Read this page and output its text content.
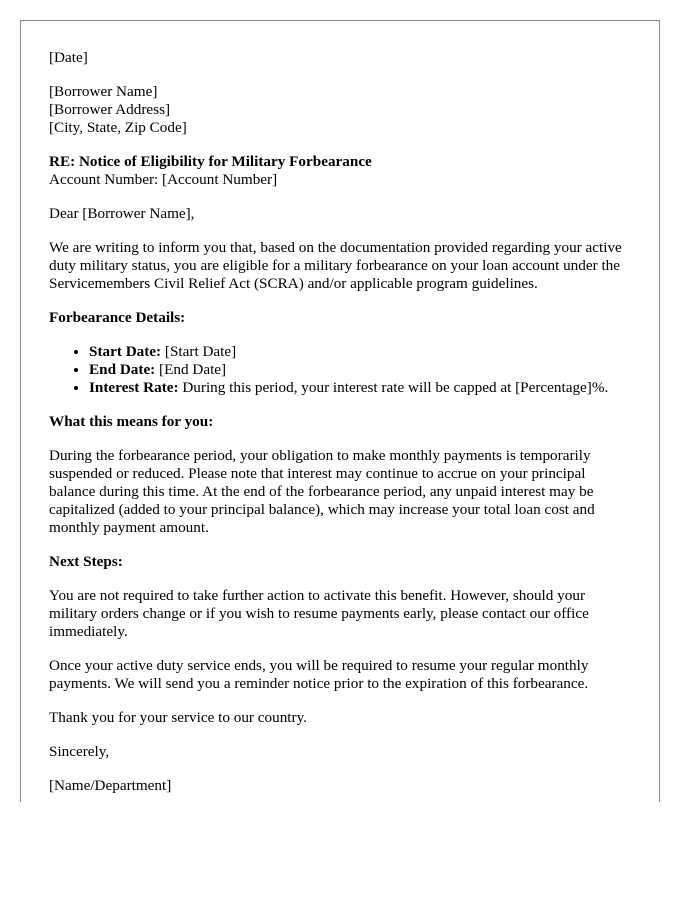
[Date]

[Borrower Name]
[Borrower Address]
[City, State, Zip Code]

RE: Notice of Eligibility for Military Forbearance
Account Number: [Account Number]

Dear [Borrower Name],

We are writing to inform you that, based on the documentation provided regarding your active duty military status, you are eligible for a military forbearance on your loan account under the Servicemembers Civil Relief Act (SCRA) and/or applicable program guidelines.

Forbearance Details:

• Start Date: [Start Date]
• End Date: [End Date]
• Interest Rate: During this period, your interest rate will be capped at [Percentage]%.

What this means for you:

During the forbearance period, your obligation to make monthly payments is temporarily suspended or reduced. Please note that interest may continue to accrue on your principal balance during this time. At the end of the forbearance period, any unpaid interest may be capitalized (added to your principal balance), which may increase your total loan cost and monthly payment amount.

Next Steps:

You are not required to take further action to activate this benefit. However, should your military orders change or if you wish to resume payments early, please contact our office immediately.

Once your active duty service ends, you will be required to resume your regular monthly payments. We will send you a reminder notice prior to the expiration of this forbearance.

Thank you for your service to our country.

Sincerely,

[Name/Department]
